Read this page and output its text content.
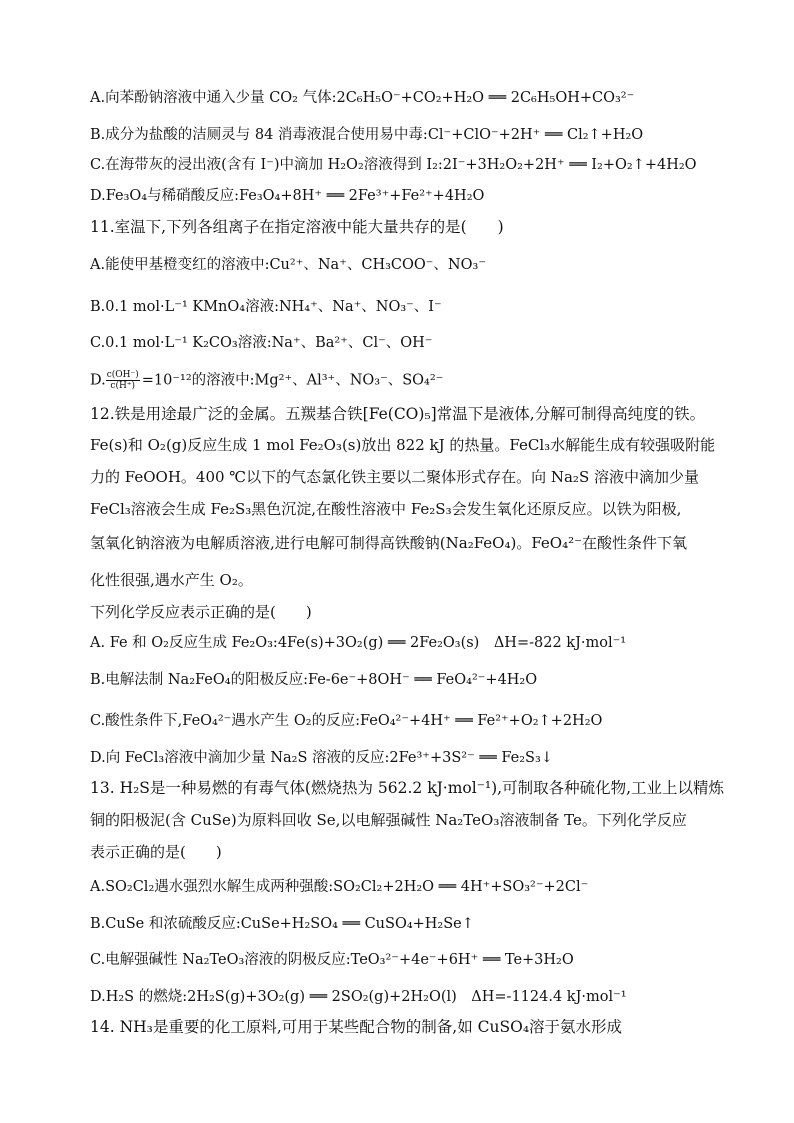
A.向苯酚钠溶液中通入少量 CO₂ 气体:2C₆H₅O⁻+CO₂+H₂O ══ 2C₆H₅OH+CO₃²⁻
B.成分为盐酸的洁厕灵与 84 消毒液混合使用易中毒:Cl⁻+ClO⁻+2H⁺ ══ Cl₂↑+H₂O
C.在海带灰的浸出液(含有 I⁻)中滴加 H₂O₂溶液得到 I₂:2I⁻+3H₂O₂+2H⁺ ══ I₂+O₂↑+4H₂O
D.Fe₃O₄与稀硝酸反应:Fe₃O₄+8H⁺ ══ 2Fe³⁺+Fe²⁺+4H₂O
11.室温下,下列各组离子在指定溶液中能大量共存的是(　　)
A.能使甲基橙变红的溶液中:Cu²⁺、Na⁺、CH₃COO⁻、NO₃⁻
B.0.1 mol·L⁻¹ KMnO₄溶液:NH₄⁺、Na⁺、NO₃⁻、I⁻
C.0.1 mol·L⁻¹ K₂CO₃溶液:Na⁺、Ba²⁺、Cl⁻、OH⁻
D. $\frac{c(OH^-)}{c(H^+)} =10^{-12}$的溶液中:Mg²⁺、Al³⁺、NO₃⁻、SO₄²⁻
12.铁是用途最广泛的金属。五羰基合铁[Fe(CO)₅]常温下是液体,分解可制得高纯度的铁。
Fe(s)和 O₂(g)反应生成 1 mol Fe₂O₃(s)放出 822 kJ 的热量。FeCl₃水解能生成有较强吸附能
力的 FeOOH。400 ℃以下的气态氯化铁主要以二聚体形式存在。向 Na₂S 溶液中滴加少量
FeCl₃溶液会生成 Fe₂S₃黑色沉淀,在酸性溶液中 Fe₂S₃会发生氧化还原反应。以铁为阳极,
氢氧化钠溶液为电解质溶液,进行电解可制得高铁酸钠(Na₂FeO₄)。FeO₄²⁻在酸性条件下氧
化性很强,遇水产生 O₂。
下列化学反应表示正确的是(　　)
A. Fe 和 O₂反应生成 Fe₂O₃:4Fe(s)+3O₂(g) ══ 2Fe₂O₃(s)　ΔH=-822 kJ·mol⁻¹
B.电解法制 Na₂FeO₄的阳极反应:Fe-6e⁻+8OH⁻ ══ FeO₄²⁻+4H₂O
C.酸性条件下,FeO₄²⁻遇水产生 O₂的反应:FeO₄²⁻+4H⁺ ══ Fe²⁺+O₂↑+2H₂O
D.向 FeCl₃溶液中滴加少量 Na₂S 溶液的反应:2Fe³⁺+3S²⁻ ══ Fe₂S₃↓
13. H₂S是一种易燃的有毒气体(燃烧热为 562.2 kJ·mol⁻¹),可制取各种硫化物,工业上以精炼
铜的阳极泥(含 CuSe)为原料回收 Se,以电解强碱性 Na₂TeO₃溶液制备 Te。下列化学反应
表示正确的是(　　)
A.SO₂Cl₂遇水强烈水解生成两种强酸:SO₂Cl₂+2H₂O ══ 4H⁺+SO₃²⁻+2Cl⁻
B.CuSe 和浓硫酸反应:CuSe+H₂SO₄ ══ CuSO₄+H₂Se↑
C.电解强碱性 Na₂TeO₃溶液的阴极反应:TeO₃²⁻+4e⁻+6H⁺ ══ Te+3H₂O
D.H₂S 的燃烧:2H₂S(g)+3O₂(g) ══ 2SO₂(g)+2H₂O(l)　ΔH=-1124.4 kJ·mol⁻¹
14. NH₃是重要的化工原料,可用于某些配合物的制备,如 CuSO₄溶于氨水形成
